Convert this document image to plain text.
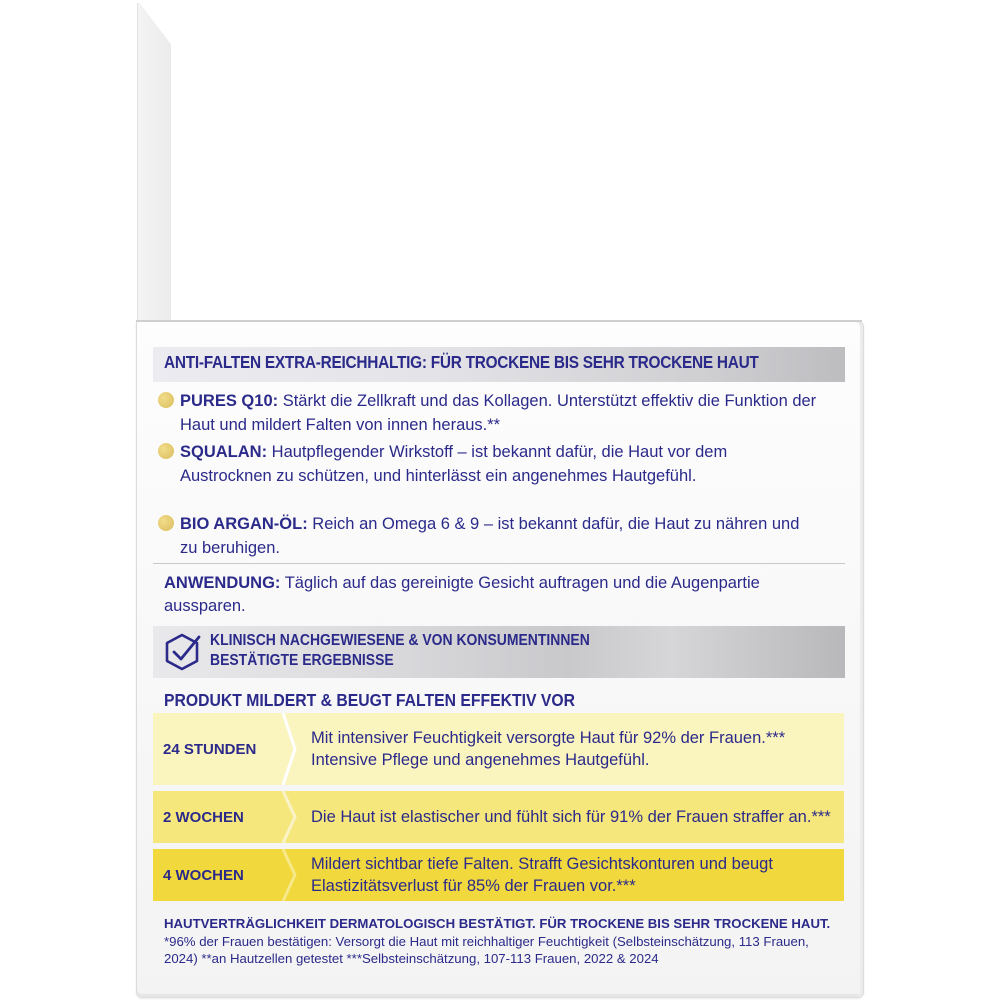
ANTI-FALTEN EXTRA-REICHHALTIG: FÜR TROCKENE BIS SEHR TROCKENE HAUT
PURES Q10: Stärkt die Zellkraft und das Kollagen. Unterstützt effektiv die Funktion der Haut und mildert Falten von innen heraus.**
SQUALAN: Hautpflegender Wirkstoff – ist bekannt dafür, die Haut vor dem Austrocknen zu schützen, und hinterlässt ein angenehmes Hautgefühl.
BIO ARGAN-ÖL: Reich an Omega 6 & 9 – ist bekannt dafür, die Haut zu nähren und zu beruhigen.
ANWENDUNG: Täglich auf das gereinigte Gesicht auftragen und die Augenpartie aussparen.
KLINISCH NACHGEWIESENE & VON KONSUMENTINNEN
BESTÄTIGTE ERGEBNISSE
PRODUKT MILDERT & BEUGT FALTEN EFFEKTIV VOR
24 STUNDEN
Mit intensiver Feuchtigkeit versorgte Haut für 92% der Frauen.*** Intensive Pflege und angenehmes Hautgefühl.
2 WOCHEN	Die Haut ist elastischer und fühlt sich für 91% der Frauen straffer an.***
4 WOCHEN
Mildert sichtbar tiefe Falten. Strafft Gesichtskonturen und beugt Elastizitätsverlust für 85% der Frauen vor.***
HAUTVERTRÄGLICHKEIT DERMATOLOGISCH BESTÄTIGT. FÜR TROCKENE BIS SEHR TROCKENE HAUT. *96% der Frauen bestätigen: Versorgt die Haut mit reichhaltiger Feuchtigkeit (Selbsteinschätzung, 113 Frauen, 2024) **an Hautzellen getestet ***Selbsteinschätzung, 107-113 Frauen, 2022 & 2024
